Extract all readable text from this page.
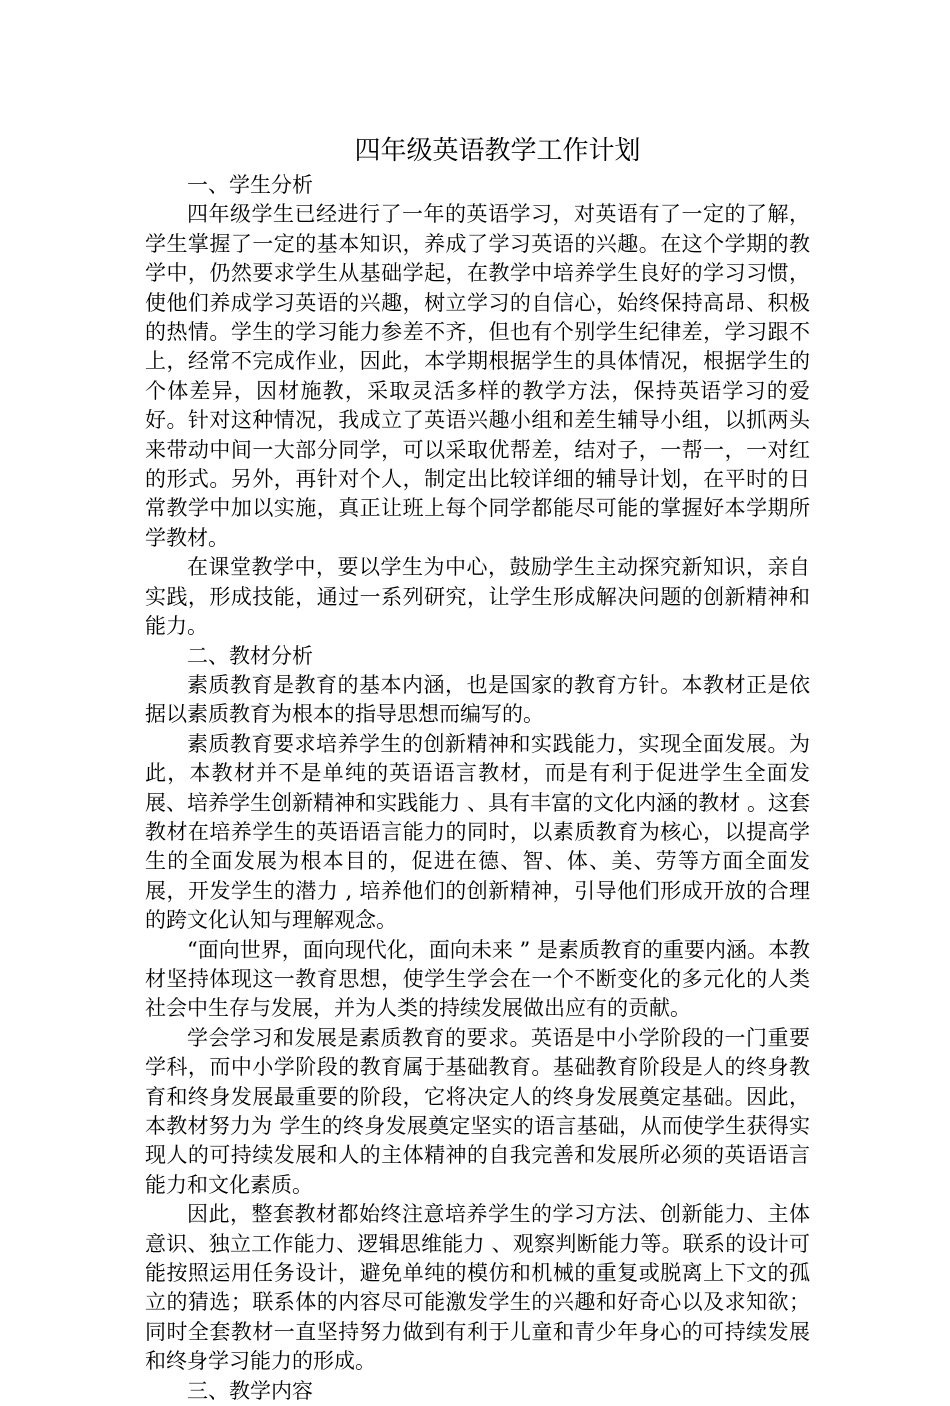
四年级英语教学工作计划
一、学生分析

四年级学生已经进行了一年的英语学习，对英语有了一定的了解，学生掌握了一定的基本知识，养成了学习英语的兴趣。在这个学期的教学中，仍然要求学生从基础学起，在教学中培养学生良好的学习习惯，使他们养成学习英语的兴趣，树立学习的自信心，始终保持高昂、积极的热情。学生的学习能力参差不齐，但也有个别学生纪律差，学习跟不上，经常不完成作业，因此，本学期根据学生的具体情况，根据学生的个体差异，因材施教，采取灵活多样的教学方法，保持英语学习的爱好。针对这种情况，我成立了英语兴趣小组和差生辅导小组，以抓两头来带动中间一大部分同学，可以采取优帮差，结对子，一帮一，一对红的形式。另外，再针对个人，制定出比较详细的辅导计划，在平时的日常教学中加以实施，真正让班上每个同学都能尽可能的掌握好本学期所学教材。

在课堂教学中，要以学生为中心，鼓励学生主动探究新知识，亲自实践，形成技能，通过一系列研究，让学生形成解决问题的创新精神和能力。

二、教材分析

素质教育是教育的基本内涵，也是国家的教育方针。本教材正是依据以素质教育为根本的指导思想而编写的。

素质教育要求培养学生的创新精神和实践能力，实现全面发展。为此，本教材并不是单纯的英语语言教材，而是有利于促进学生全面发展、培养学生创新精神和实践能力 、具有丰富的文化内涵的教材 。这套教材在培养学生的英语语言能力的同时，以素质教育为核心，以提高学生的全面发展为根本目的，促进在德、智、体、美、劳等方面全面发展，开发学生的潜力 , 培养他们的创新精神，引导他们形成开放的合理的跨文化认知与理解观念。

“面向世界，面向现代化，面向未来 ” 是素质教育的重要内涵。本教材坚持体现这一教育思想，使学生学会在一个不断变化的多元化的人类社会中生存与发展，并为人类的持续发展做出应有的贡献。

学会学习和发展是素质教育的要求。英语是中小学阶段的一门重要学科，而中小学阶段的教育属于基础教育。基础教育阶段是人的终身教育和终身发展最重要的阶段，它将决定人的终身发展奠定基础。因此，本教材努力为 学生的终身发展奠定坚实的语言基础，从而使学生获得实现人的可持续发展和人的主体精神的自我完善和发展所必须的英语语言能力和文化素质。

因此，整套教材都始终注意培养学生的学习方法、创新能力、主体意识、独立工作能力、逻辑思维能力 、观察判断能力等。联系的设计可能按照运用任务设计，避免单纯的模仿和机械的重复或脱离上下文的孤立的猜选；联系体的内容尽可能激发学生的兴趣和好奇心以及求知欲；同时全套教材一直坚持努力做到有利于儿童和青少年身心的可持续发展和终身学习能力的形成。

三、教学内容
